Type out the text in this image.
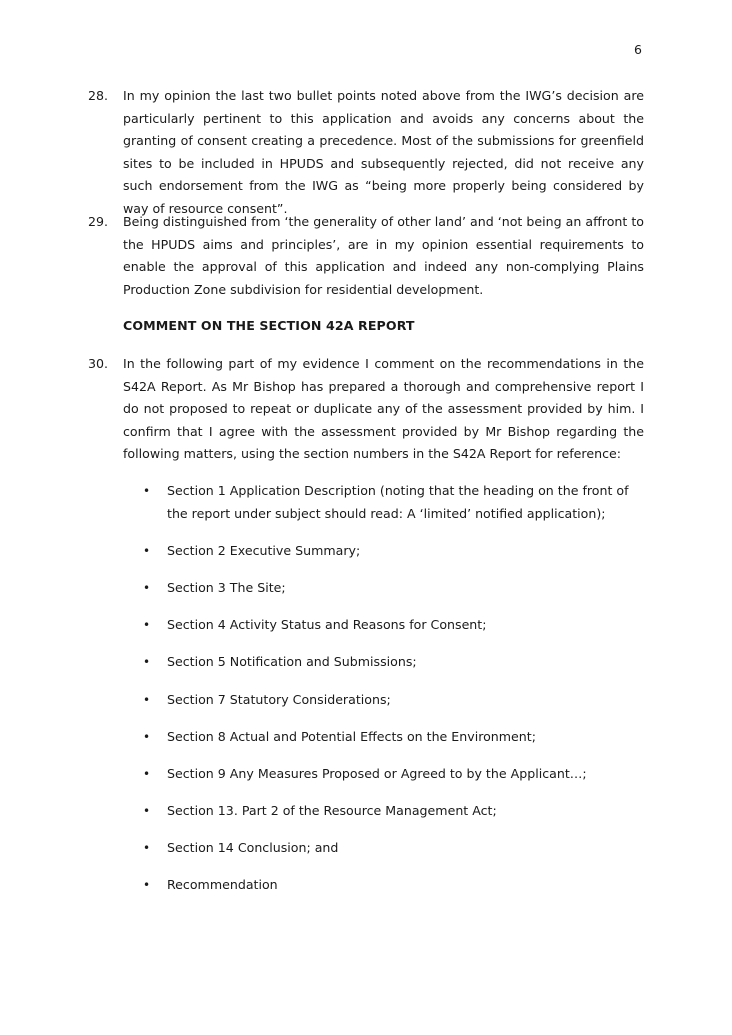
6
28. In my opinion the last two bullet points noted above from the IWG’s decision are particularly pertinent to this application and avoids any concerns about the granting of consent creating a precedence. Most of the submissions for greenfield sites to be included in HPUDS and subsequently rejected, did not receive any such endorsement from the IWG as “being more properly being considered by way of resource consent”.
29. Being distinguished from ‘the generality of other land’ and ‘not being an affront to the HPUDS aims and principles’, are in my opinion essential requirements to enable the approval of this application and indeed any non-complying Plains Production Zone subdivision for residential development.
COMMENT ON THE SECTION 42A REPORT
30. In the following part of my evidence I comment on the recommendations in the S42A Report. As Mr Bishop has prepared a thorough and comprehensive report I do not proposed to repeat or duplicate any of the assessment provided by him. I confirm that I agree with the assessment provided by Mr Bishop regarding the following matters, using the section numbers in the S42A Report for reference:
• Section 1 Application Description (noting that the heading on the front of the report under subject should read: A ‘limited’ notified application);
• Section 2 Executive Summary;
• Section 3 The Site;
• Section 4 Activity Status and Reasons for Consent;
• Section 5 Notification and Submissions;
• Section 7 Statutory Considerations;
• Section 8 Actual and Potential Effects on the Environment;
• Section 9 Any Measures Proposed or Agreed to by the Applicant…;
• Section 13. Part 2 of the Resource Management Act;
• Section 14 Conclusion; and
• Recommendation
